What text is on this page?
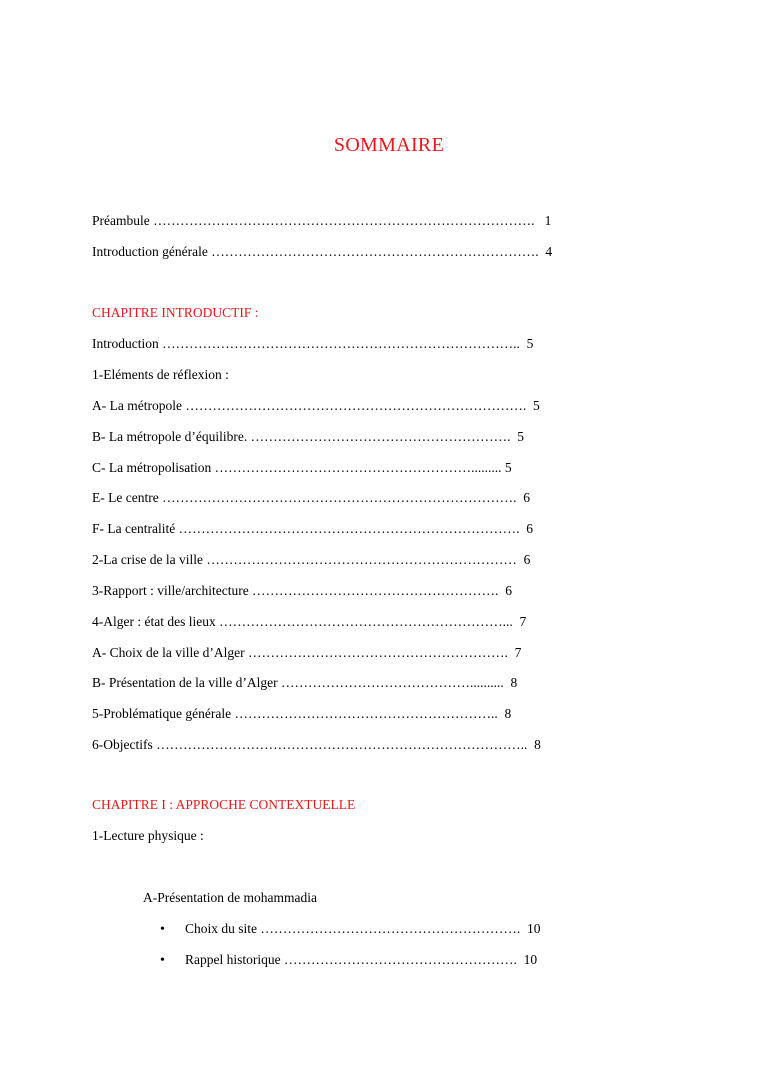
SOMMAIRE
Préambule …………………………………………………………………………. 1
Introduction générale ………………………………………………………………. 4
CHAPITRE INTRODUCTIF :
Introduction …………………………………………………………………….. 5
1-Eléments de réflexion :
A- La métropole …………………………………………………………………. 5
B- La métropole d’équilibre. …………………………………………………. 5
C- La métropolisation …………………………………………………......... 5
E- Le centre ……………………………………………………………………. 6
F- La centralité …………………………………………………………………. 6
2-La crise de la ville …………………………………………………………… 6
3-Rapport : ville/architecture ………………………………………………. 6
4-Alger : état des lieux ………………………………………………………... 7
A- Choix de la ville d’Alger …………………………………………………. 7
B- Présentation de la ville d’Alger …………………………………….......... 8
5-Problématique générale ………………………………………………….. 8
6-Objectifs ……………………………………………………………………….. 8
CHAPITRE I : APPROCHE CONTEXTUELLE
1-Lecture physique :
A-Présentation de mohammadia
• Choix du site …………………………………………………. 10
• Rappel historique ……………………………………………. 10
